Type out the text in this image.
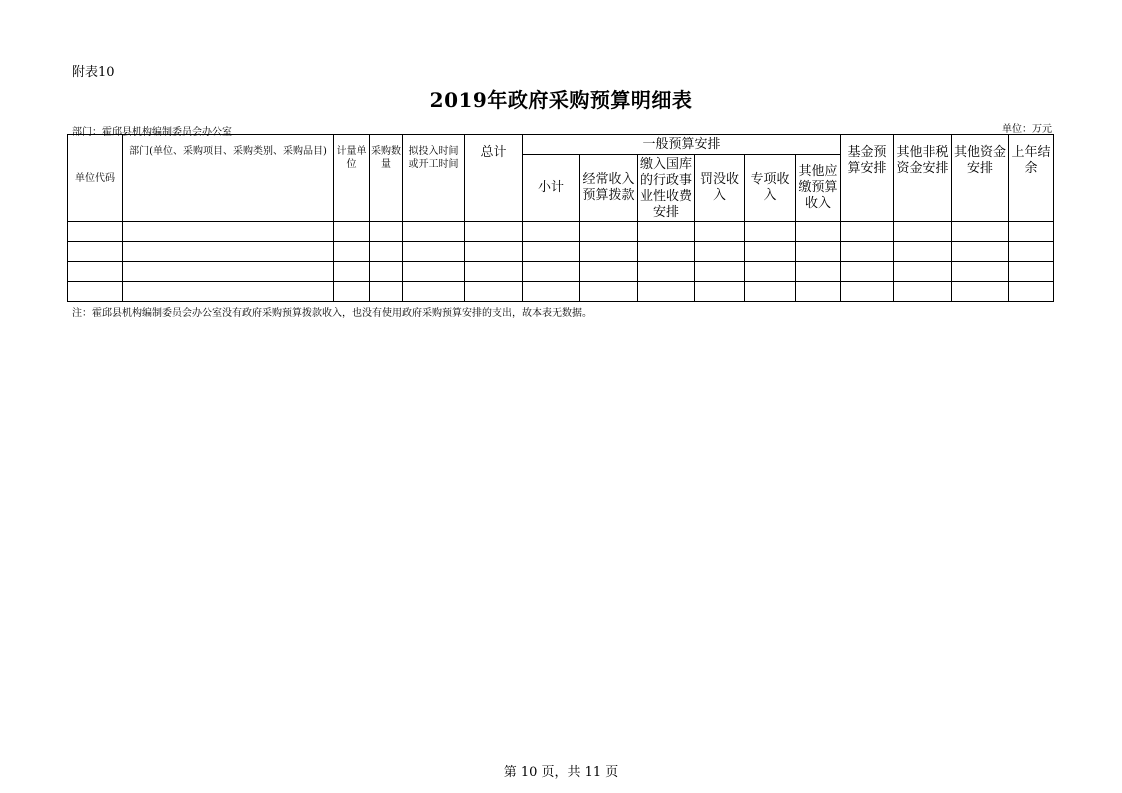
附表10
2019年政府采购预算明细表
部门：霍邱县机构编制委员会办公室	单位：万元
单位代码	部门(单位、采购项目、采购类别、采购品目)	计量单位	采购数量	拟投入时间或开工时间	总计	一般预算安排						基金预算安排	其他非税资金安排	其他资金安排	上年结余
						小计	经常收入预算拨款	缴入国库的行政事业性收费安排	罚没收入	专项收入	其他应缴预算收入				

注：霍邱县机构编制委员会办公室没有政府采购预算拨款收入，也没有使用政府采购预算安排的支出，故本表无数据。
第 10 页，共 11 页
